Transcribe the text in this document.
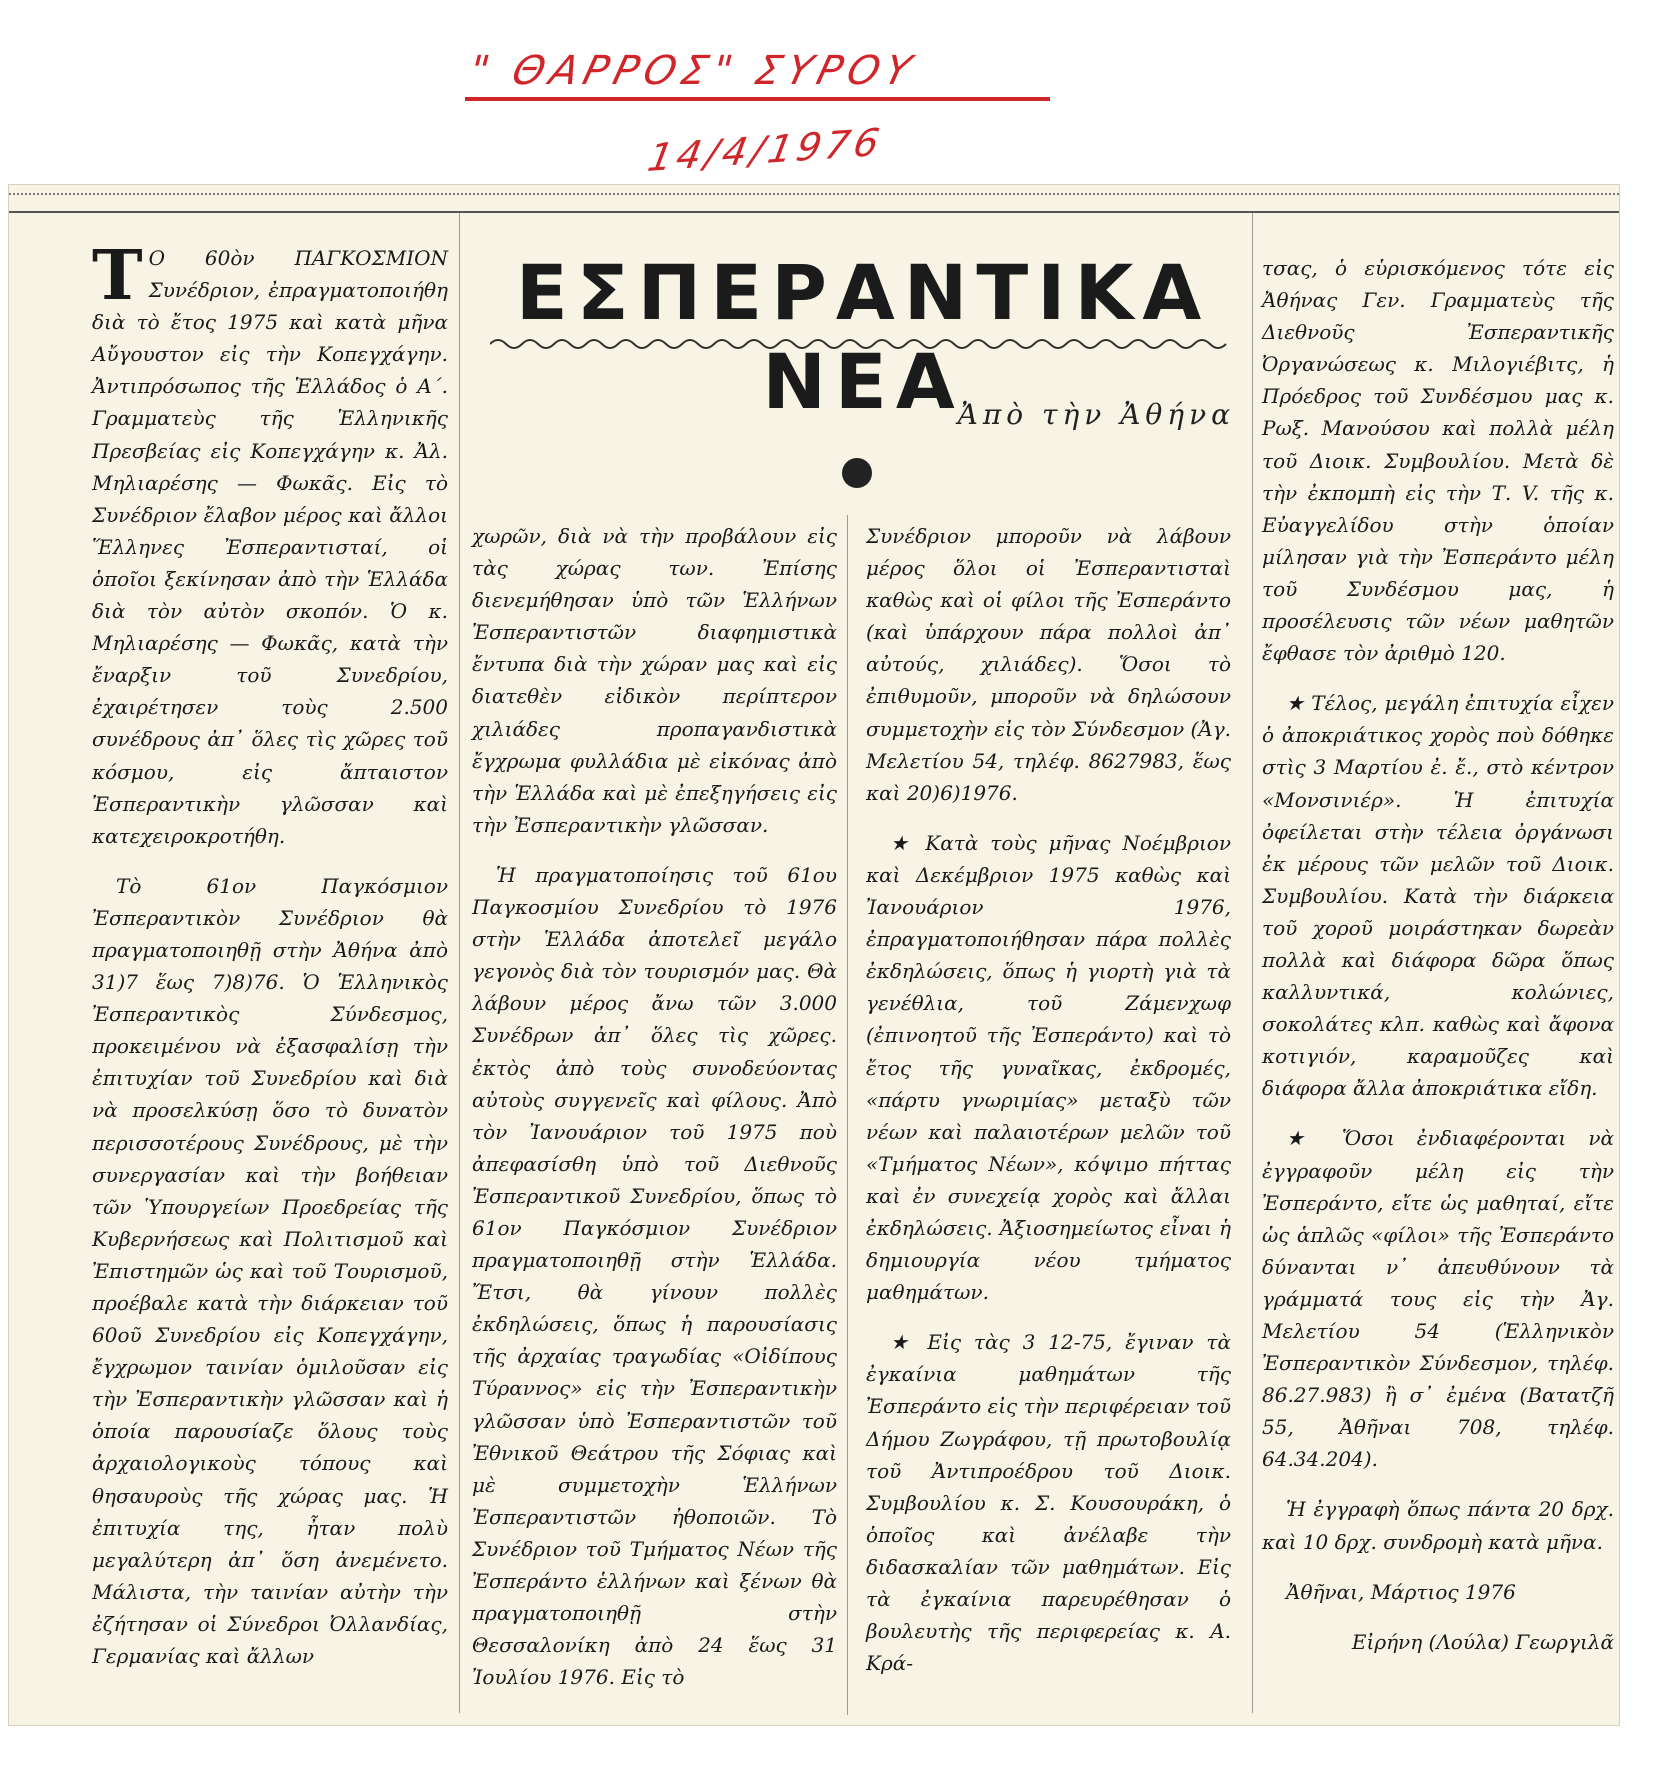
" ΘΑΡΡΟΣ" ΣΥΡΟΥ
14/4/1976
ΕΣΠΕΡΑΝΤΙΚΑ ΝΕΑ
Ἀπὸ τὴν Ἀθήνα

Τ Ο 60ὸν ΠΑΓΚΟΣΜΙΟΝ Συνέδριον, ἐπραγματοποιήθη διὰ τὸ ἔτος 1975 καὶ κατὰ μῆνα Αὔγουστον εἰς τὴν Κοπεγχάγην. Ἀντιπρόσωπος τῆς Ἑλλάδος ὁ Α΄. Γραμματεὺς τῆς Ἑλληνικῆς Πρεσβείας εἰς Κοπεγχάγην κ. Ἀλ. Μηλιαρέσης — Φωκᾶς. Εἰς τὸ Συνέδριον ἔλαβον μέρος καὶ ἄλλοι Ἕλληνες Ἐσπεραντισταί, οἱ ὁποῖοι ξεκίνησαν ἀπὸ τὴν Ἑλλάδα διὰ τὸν αὐτὸν σκοπόν. Ὁ κ. Μηλιαρέσης — Φωκᾶς, κατὰ τὴν ἔναρξιν τοῦ Συνεδρίου, ἐχαιρέτησεν τοὺς 2.500 συνέδρους ἀπ᾽ ὅλες τὶς χῶρες τοῦ κόσμου, εἰς ἄπταιστον Ἐσπεραντικὴν γλῶσσαν καὶ κατεχειροκροτήθη.

Τὸ 61ον Παγκόσμιον Ἐσπεραντικὸν Συνέδριον θὰ πραγματοποιηθῇ στὴν Ἀθήνα ἀπὸ 31)7 ἕως 7)8)76. Ὁ Ἑλληνικὸς Ἐσπεραντικὸς Σύνδεσμος, προκειμένου νὰ ἐξασφαλίσῃ τὴν ἐπιτυχίαν τοῦ Συνεδρίου καὶ διὰ νὰ προσελκύσῃ ὅσο τὸ δυνατὸν περισσοτέρους Συνέδρους, μὲ τὴν συνεργασίαν καὶ τὴν βοήθειαν τῶν Ὑπουργείων Προεδρείας τῆς Κυβερνήσεως καὶ Πολιτισμοῦ καὶ Ἐπιστημῶν ὡς καὶ τοῦ Τουρισμοῦ, προέβαλε κατὰ τὴν διάρκειαν τοῦ 60οῦ Συνεδρίου εἰς Κοπεγχάγην, ἔγχρωμον ταινίαν ὁμιλοῦσαν εἰς τὴν Ἐσπεραντικὴν γλῶσσαν καὶ ἡ ὁποία παρουσίαζε ὅλους τοὺς ἀρχαιολογικοὺς τόπους καὶ θησαυροὺς τῆς χώρας μας. Ἡ ἐπιτυχία της, ἦταν πολὺ μεγαλύτερη ἀπ᾽ ὅση ἀνεμένετο. Μάλιστα, τὴν ταινίαν αὐτὴν τὴν ἐζήτησαν οἱ Σύνεδροι Ὀλλανδίας, Γερμανίας καὶ ἄλλων

χωρῶν, διὰ νὰ τὴν προβάλουν εἰς τὰς χώρας των. Ἐπίσης διενεμήθησαν ὑπὸ τῶν Ἑλλήνων Ἐσπεραντιστῶν διαφημιστικὰ ἔντυπα διὰ τὴν χώραν μας καὶ εἰς διατεθὲν εἰδικὸν περίπτερον χιλιάδες προπαγανδιστικὰ ἔγχρωμα φυλλάδια μὲ εἰκόνας ἀπὸ τὴν Ἑλλάδα καὶ μὲ ἐπεξηγήσεις εἰς τὴν Ἐσπεραντικὴν γλῶσσαν.

Ἡ πραγματοποίησις τοῦ 61ου Παγκοσμίου Συνεδρίου τὸ 1976 στὴν Ἑλλάδα ἀποτελεῖ μεγάλο γεγονὸς διὰ τὸν τουρισμόν μας. Θὰ λάβουν μέρος ἄνω τῶν 3.000 Συνέδρων ἀπ᾽ ὅλες τὶς χῶρες. ἐκτὸς ἀπὸ τοὺς συνοδεύοντας αὐτοὺς συγγενεῖς καὶ φίλους. Ἀπὸ τὸν Ἰανουάριον τοῦ 1975 ποὺ ἀπεφασίσθη ὑπὸ τοῦ Διεθνοῦς Ἐσπεραντικοῦ Συνεδρίου, ὅπως τὸ 61ον Παγκόσμιον Συνέδριον πραγματοποιηθῇ στὴν Ἑλλάδα. Ἔτσι, θὰ γίνουν πολλὲς ἐκδηλώσεις, ὅπως ἡ παρουσίασις τῆς ἀρχαίας τραγωδίας «Οἰδίπους Τύραννος» εἰς τὴν Ἐσπεραντικὴν γλῶσσαν ὑπὸ Ἐσπεραντιστῶν τοῦ Ἐθνικοῦ Θεάτρου τῆς Σόφιας καὶ μὲ συμμετοχὴν Ἑλλήνων Ἐσπεραντιστῶν ἠθοποιῶν. Τὸ Συνέδριον τοῦ Τμήματος Νέων τῆς Ἐσπεράντο ἑλλήνων καὶ ξένων θὰ πραγματοποιηθῇ στὴν Θεσσαλονίκη ἀπὸ 24 ἕως 31 Ἰουλίου 1976. Εἰς τὸ

Συνέδριον μποροῦν νὰ λάβουν μέρος ὅλοι οἱ Ἐσπεραντισταὶ καθὼς καὶ οἱ φίλοι τῆς Ἐσπεράντο (καὶ ὑπάρχουν πάρα πολλοὶ ἀπ᾽ αὐτούς, χιλιάδες). Ὅσοι τὸ ἐπιθυμοῦν, μποροῦν νὰ δηλώσουν συμμετοχὴν εἰς τὸν Σύνδεσμον (Ἀγ. Μελετίου 54, τηλέφ. 8627983, ἕως καὶ 20)6)1976.

★ Κατὰ τοὺς μῆνας Νοέμβριον καὶ Δεκέμβριον 1975 καθὼς καὶ Ἰανουάριον 1976, ἐπραγματοποιήθησαν πάρα πολλὲς ἐκδηλώσεις, ὅπως ἡ γιορτὴ γιὰ τὰ γενέθλια, τοῦ Ζάμενχωφ (ἐπινοητοῦ τῆς Ἐσπεράντο) καὶ τὸ ἔτος τῆς γυναῖκας, ἐκδρομές, «πάρτυ γνωριμίας» μεταξὺ τῶν νέων καὶ παλαιοτέρων μελῶν τοῦ «Τμήματος Νέων», κόψιμο πήττας καὶ ἐν συνεχείᾳ χορὸς καὶ ἄλλαι ἐκδηλώσεις. Ἀξιοσημείωτος εἶναι ἡ δημιουργία νέου τμήματος μαθημάτων.

★ Εἰς τὰς 3 12-75, ἔγιναν τὰ ἐγκαίνια μαθημάτων τῆς Ἐσπεράντο εἰς τὴν περιφέρειαν τοῦ Δήμου Ζωγράφου, τῇ πρωτοβουλίᾳ τοῦ Ἀντιπροέδρου τοῦ Διοικ. Συμβουλίου κ. Σ. Κουσουράκη, ὁ ὁποῖος καὶ ἀνέλαβε τὴν διδασκαλίαν τῶν μαθημάτων. Εἰς τὰ ἐγκαίνια παρευρέθησαν ὁ βουλευτὴς τῆς περιφερείας κ. Α. Κρά-

τσας, ὁ εὑρισκόμενος τότε εἰς Ἀθήνας Γεν. Γραμματεὺς τῆς Διεθνοῦς Ἐσπεραντικῆς Ὀργανώσεως κ. Μιλογιέβιτς, ἡ Πρόεδρος τοῦ Συνδέσμου μας κ. Ρωξ. Μανούσου καὶ πολλὰ μέλη τοῦ Διοικ. Συμβουλίου. Μετὰ δὲ τὴν ἐκπομπὴ εἰς τὴν Τ. V. τῆς κ. Εὐαγγελίδου στὴν ὁποίαν μίλησαν γιὰ τὴν Ἐσπεράντο μέλη τοῦ Συνδέσμου μας, ἡ προσέλευσις τῶν νέων μαθητῶν ἔφθασε τὸν ἀριθμὸ 120.

★ Τέλος, μεγάλη ἐπιτυχία εἶχεν ὁ ἀποκριάτικος χορὸς ποὺ δόθηκε στὶς 3 Μαρτίου ἐ. ἔ., στὸ κέντρον «Μονσινιέρ». Ἡ ἐπιτυχία ὀφείλεται στὴν τέλεια ὀργάνωσι ἐκ μέρους τῶν μελῶν τοῦ Διοικ. Συμβουλίου. Κατὰ τὴν διάρκεια τοῦ χοροῦ μοιράστηκαν δωρεὰν πολλὰ καὶ διάφορα δῶρα ὅπως καλλυντικά, κολώνιες, σοκολάτες κλπ. καθὼς καὶ ἄφονα κοτιγιόν, καραμοῦζες καὶ διάφορα ἄλλα ἀποκριάτικα εἴδη.

★ Ὅσοι ἐνδιαφέρονται νὰ ἐγγραφοῦν μέλη εἰς τὴν Ἐσπεράντο, εἴτε ὡς μαθηταί, εἴτε ὡς ἁπλῶς «φίλοι» τῆς Ἐσπεράντο δύνανται ν᾽ ἀπευθύνουν τὰ γράμματά τους εἰς τὴν Ἀγ. Μελετίου 54 (Ἑλληνικὸν Ἐσπεραντικὸν Σύνδεσμον, τηλέφ. 86.27.983) ἢ σ᾽ ἐμένα (Βατατζῆ 55, Ἀθῆναι 708, τηλέφ. 64.34.204).

Ἡ ἐγγραφὴ ὅπως πάντα 20 δρχ. καὶ 10 δρχ. συνδρομὴ κατὰ μῆνα.

Ἀθῆναι, Μάρτιος 1976

Εἰρήνη (Λούλα) Γεωργιλᾶ
